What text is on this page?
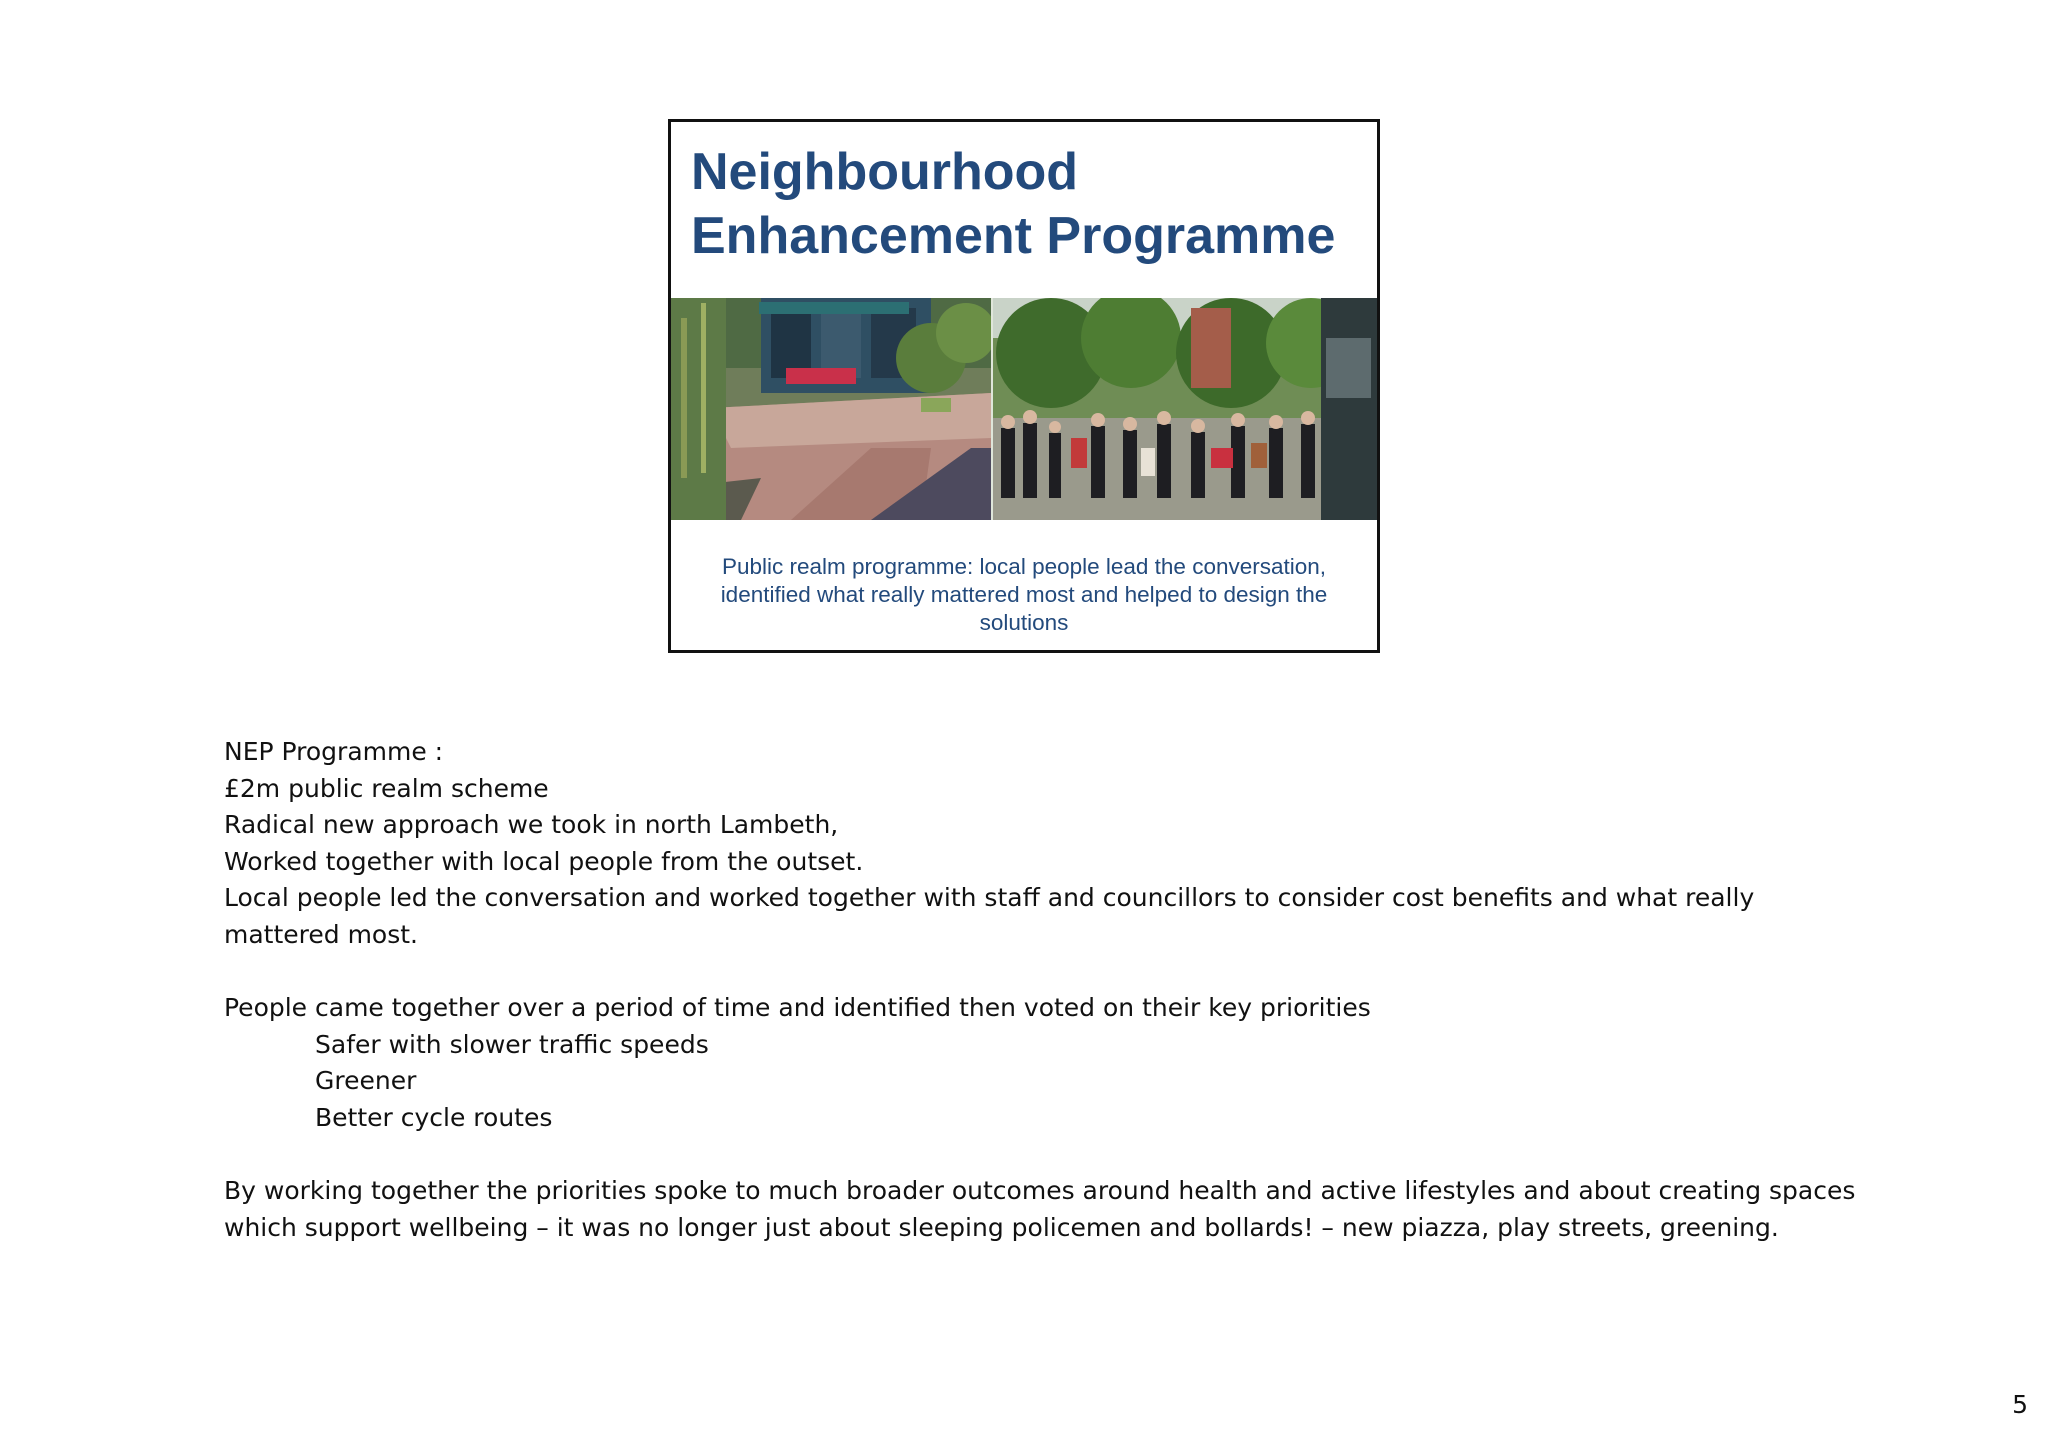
Neighbourhood
Enhancement Programme
Public realm programme: local people lead the conversation, identified what really mattered most and helped to design the solutions

NEP Programme :

£2m public realm scheme

Radical new approach we took in north Lambeth,

Worked together with local people from the outset.

Local people led the conversation and worked together with staff and councillors to consider cost benefits and what really

mattered most.

People came together over a period of time and identified then voted on their key priorities

Safer with slower traffic speeds

Greener

Better cycle routes

By working together the priorities spoke to much broader outcomes around health and active lifestyles and about creating spaces

which support wellbeing – it was no longer just about sleeping policemen and bollards! – new piazza, play streets, greening.

5
